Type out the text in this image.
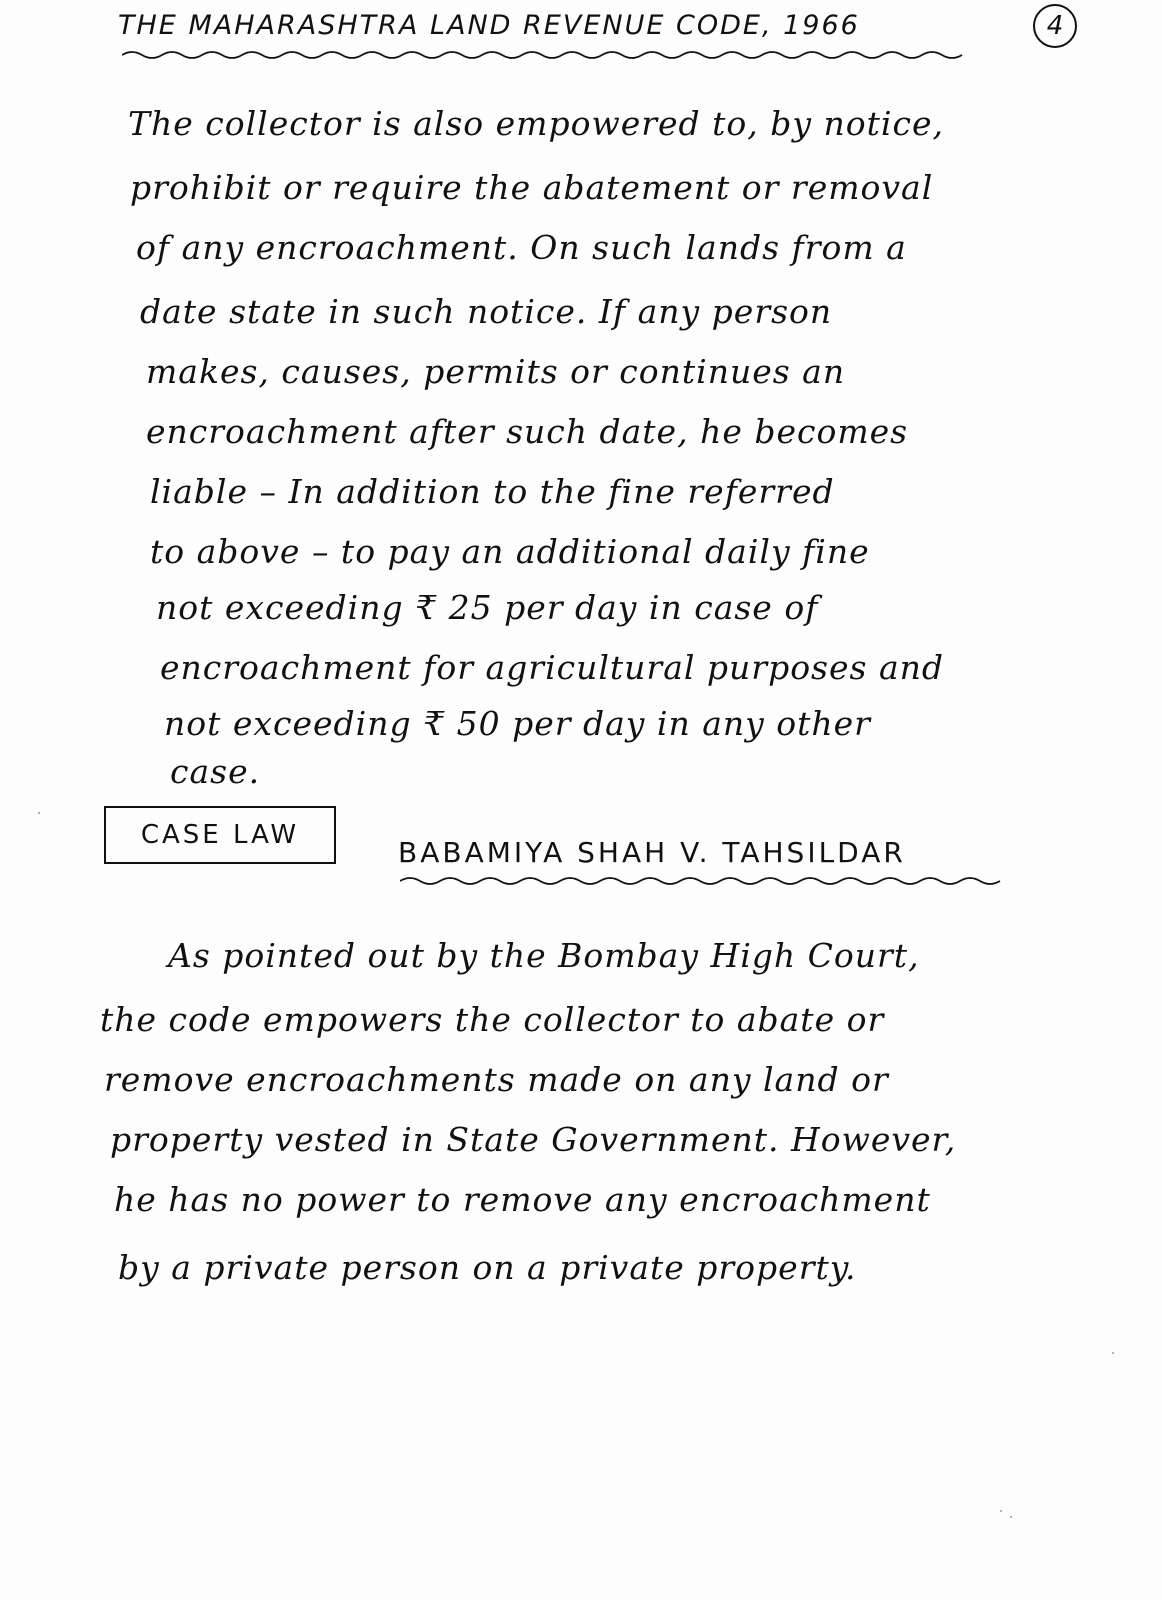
THE MAHARASHTRA LAND REVENUE CODE, 1966	4
The collector is also empowered to, by notice,
prohibit or require the abatement or removal
of any encroachment. On such lands from a
date state in such notice. If any person
makes, causes, permits or continues an
encroachment after such date, he becomes
liable – In addition to the fine referred
to above – to pay an additional daily fine
not exceeding ₹ 25 per day in case of
encroachment for agricultural purposes and
not exceeding ₹ 50 per day in any other
case.
CASE LAW
BABAMIYA SHAH V. TAHSILDAR
As pointed out by the Bombay High Court,
the code empowers the collector to abate or
remove encroachments made on any land or
property vested in State Government. However,
he has no power to remove any encroachment
by a private person on a private property.
